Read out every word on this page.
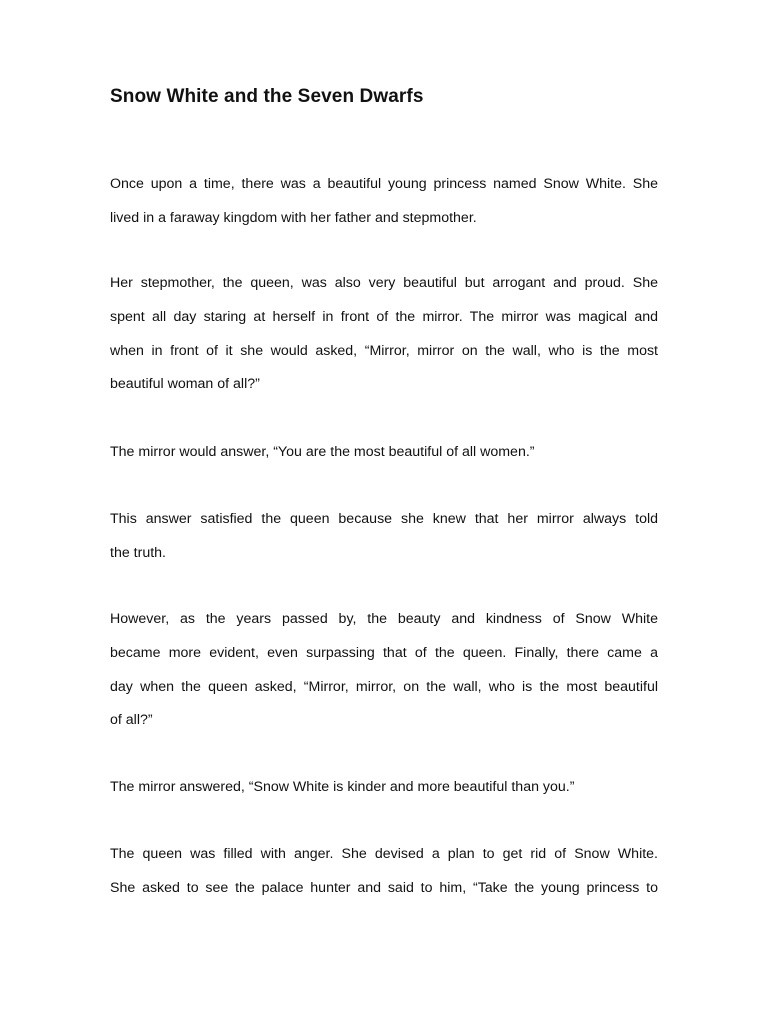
Snow White and the Seven Dwarfs
Once upon a time, there was a beautiful young princess named Snow White. She
lived in a faraway kingdom with her father and stepmother.
Her stepmother, the queen, was also very beautiful but arrogant and proud. She
spent all day staring at herself in front of the mirror. The mirror was magical and
when in front of it she would asked, “Mirror, mirror on the wall, who is the most
beautiful woman of all?”
The mirror would answer, “You are the most beautiful of all women.”
This answer satisfied the queen because she knew that her mirror always told
the truth.
However, as the years passed by, the beauty and kindness of Snow White
became more evident, even surpassing that of the queen. Finally, there came a
day when the queen asked, “Mirror, mirror, on the wall, who is the most beautiful
of all?”
The mirror answered, “Snow White is kinder and more beautiful than you.”
The queen was filled with anger. She devised a plan to get rid of Snow White.
She asked to see the palace hunter and said to him, “Take the young princess to
